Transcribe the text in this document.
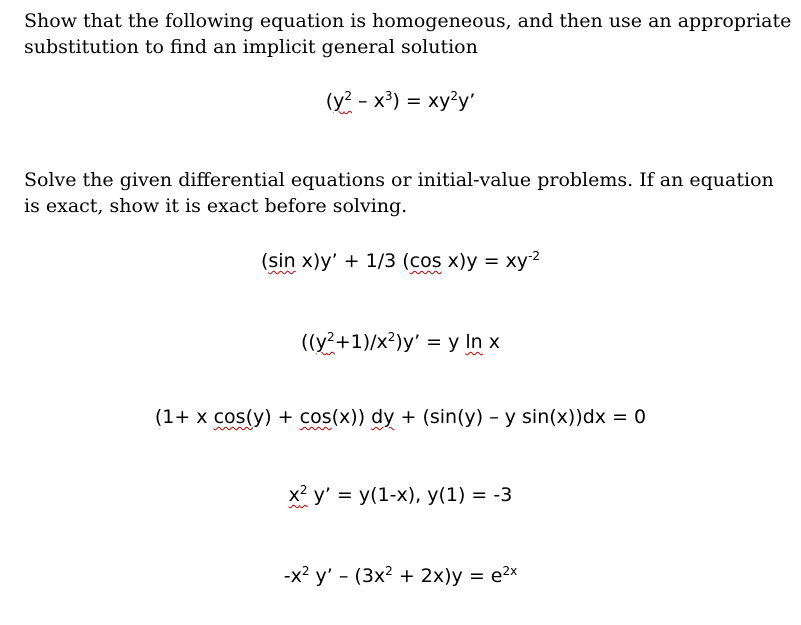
Show that the following equation is homogeneous, and then use an appropriate substitution to find an implicit general solution

$(y^2 - x^3) = xy^2y$’

Solve the given differential equations or initial-value problems. If an equation is exact, show it is exact before solving.

(sin x)y’ + 1/3 (cos $x)y = xy^{-2}$
$((y^2+1)/x^2)y$’ = y ln x
(1+ x cos(y) + cos(x)) dy + (sin(y) – y sin(x))dx = 0
$x^2$ y’ = y(1-x), y(1) = -3
$-x^2$ y’ – $(3x^2 + 2x)y = e^{2x}$
